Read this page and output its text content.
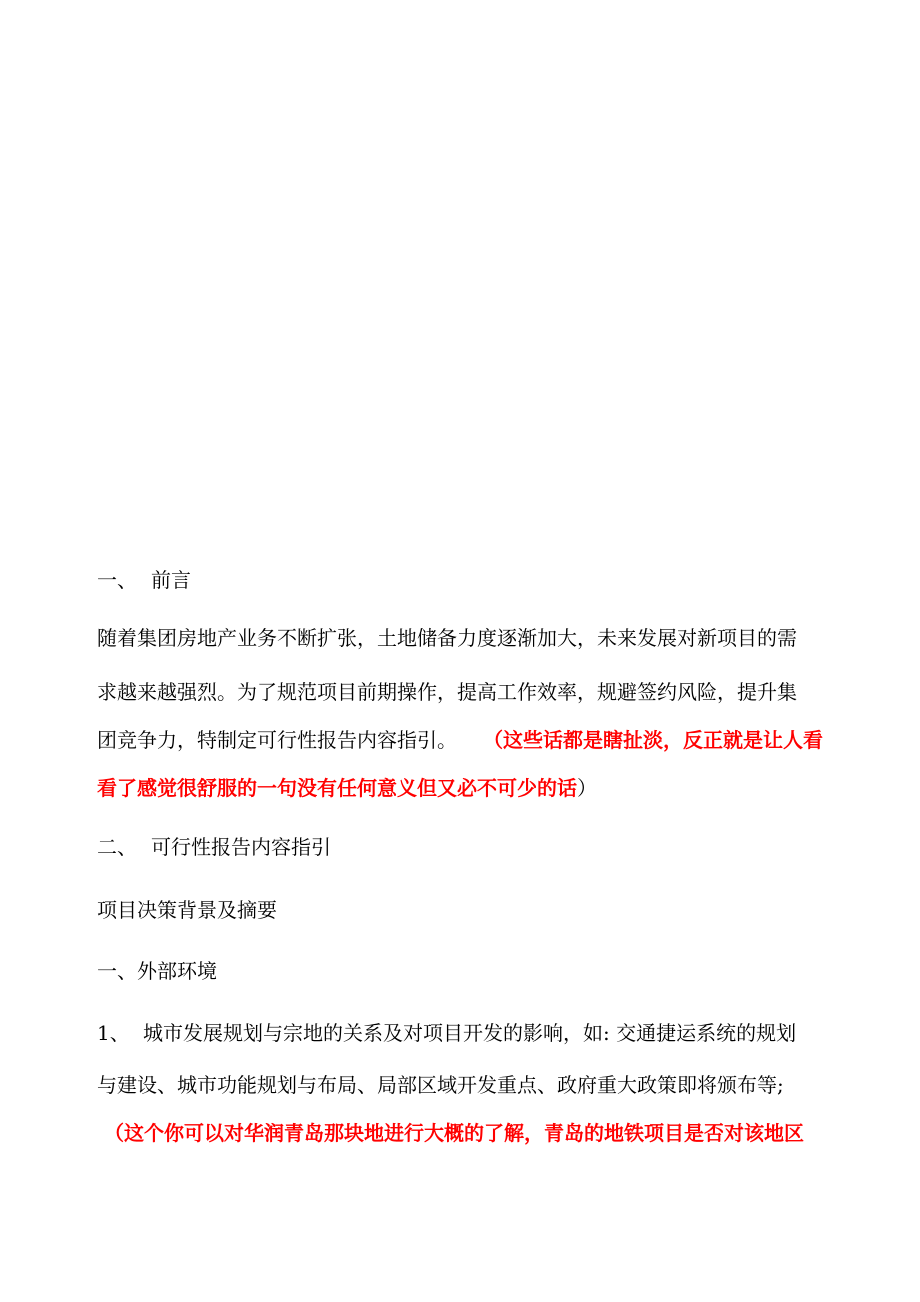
一、 前言
随着集团房地产业务不断扩张，土地储备力度逐渐加大，未来发展对新项目的需
求越来越强烈。为了规范项目前期操作，提高工作效率，规避签约风险，提升集
团竞争力，特制定可行性报告内容指引。 （这些话都是瞎扯淡，反正就是让人看
看了感觉很舒服的一句没有任何意义但又必不可少的话）
二、 可行性报告内容指引
项目决策背景及摘要
一、外部环境
1、 城市发展规划与宗地的关系及对项目开发的影响，如: 交通捷运系统的规划
与建设、城市功能规划与布局、局部区域开发重点、政府重大政策即将颁布等;
（这个你可以对华润青岛那块地进行大概的了解，青岛的地铁项目是否对该地区
